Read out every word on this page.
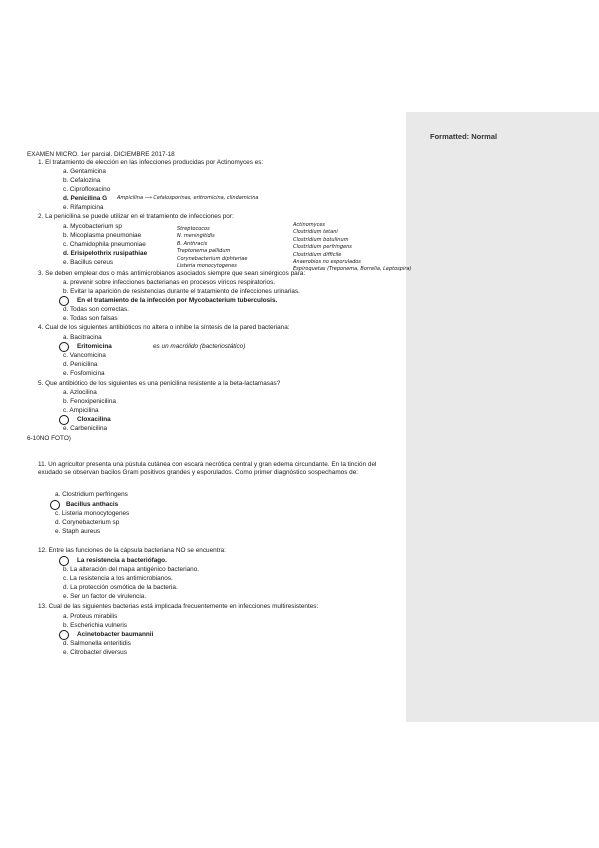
Formatted: Normal
EXAMEN MICRO. 1er parcial. DICIEMBRE 2017-18
1. El tratamiento de elección en las infecciones producidas por Actinomyces es:
a. Gentamicina
b. Cefalozina
c. Ciprofloxacino
d. Penicilina G Ampicilina ⟶ Cefalosporinas, eritromicina, clindamicina
e. Rifampicina
2. La penicilina se puede utilizar en el tratamiento de infecciones por:
a. Mycobacterium sp
b. Micoplasma pneumoniae
c. Chamidophila pneumoniae
d. Erisipelothrix rusipathiae
e. Bacillus cereus
Streptococos
N. meningitidis
B. Anthracis
Treptonema pallidum
Corynebacterium diphteriae
Listeria monocytogenes
Actinomyces
Clostridium tetani
Clostridium botulinum
Clostridium perfringens
Clostridium difficile
Anaerobios no esporulados
Espiroquetas (Treponema, Borrelia, Leptospira)
3. Se deben emplear dos o más antimicrobianos asociados siempre que sean sinérgicos para:
a. prevenir sobre infecciones bacterianas en procesos víricos respiratorios.
b. Evitar la aparición de resistencias durante el tratamiento de infecciones urinarias.
En el tratamiento de la infección por Mycobacterium tuberculosis.
d. Todas son correctas.
e. Todas son falsas
4. Cual de los siguientes antibióticos no altera o inhibe la síntesis de la pared bacteriana:
a. Bacitracina
Eritomicina	es un macrólido (bacteriostático)
c. Vancomicina
d. Penicilina
e. Fosfomicina
5. Que antibiótico de los siguientes es una penicilina resistente a la beta-lactamasas?
a. Azlocilina
b. Fenoxipenicilina
c. Ampicilina
Cloxacilina
e. Carbenicilina
6-10NO FOTO)
11. Un agricultor presenta una pústula cutánea con escara necrótica central y gran edema circundante. En la tinción del exudado se observan bacilos Gram positivos grandes y esporulados. Como primer diagnóstico sospechamos de:
a. Clostridium perfringens
Bacillus anthacis
c. Listeria monocytogenes
d. Corynebacterium sp
e. Staph aureus
12. Entre las funciones de la cápsula bacteriana NO se encuentra:
La resistencia a bacteriófago.
b. La alteración del mapa antigénico bacteriano.
c. La resistencia a los antimicrobianos.
d. La protección osmótica de la bacteria.
e. Ser un factor de virulencia.
13. Cual de las siguientes bacterias está implicada frecuentemente en infecciones multiresistentes:
a. Proteus mirabilis
b. Escherichia vulneris
Acinetobacter baumannii
d. Salmonella enteritidis
e. Citrobacter diversus
